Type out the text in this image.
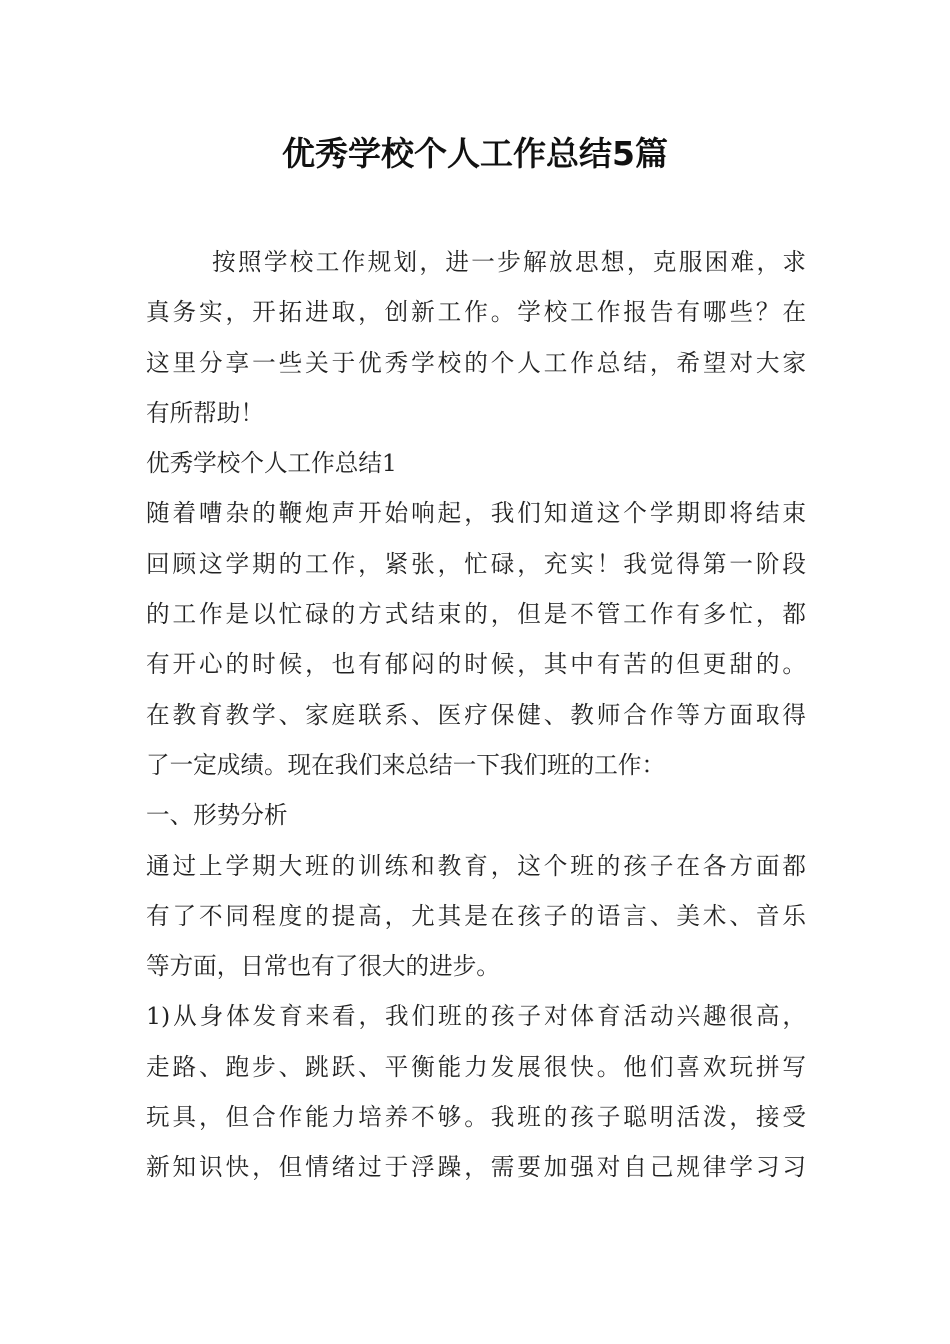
优秀学校个人工作总结5篇
按照学校工作规划，进一步解放思想，克服困难，求
真务实，开拓进取，创新工作。学校工作报告有哪些？在
这里分享一些关于优秀学校的个人工作总结，希望对大家
有所帮助！
优秀学校个人工作总结1
随着嘈杂的鞭炮声开始响起，我们知道这个学期即将结束
回顾这学期的工作，紧张，忙碌，充实！我觉得第一阶段
的工作是以忙碌的方式结束的，但是不管工作有多忙，都
有开心的时候，也有郁闷的时候，其中有苦的但更甜的。
在教育教学、家庭联系、医疗保健、教师合作等方面取得
了一定成绩。现在我们来总结一下我们班的工作：
一、形势分析
通过上学期大班的训练和教育，这个班的孩子在各方面都
有了不同程度的提高，尤其是在孩子的语言、美术、音乐
等方面，日常也有了很大的进步。
1)从身体发育来看，我们班的孩子对体育活动兴趣很高，
走路、跑步、跳跃、平衡能力发展很快。他们喜欢玩拼写
玩具，但合作能力培养不够。我班的孩子聪明活泼，接受
新知识快，但情绪过于浮躁，需要加强对自己规律学习习
